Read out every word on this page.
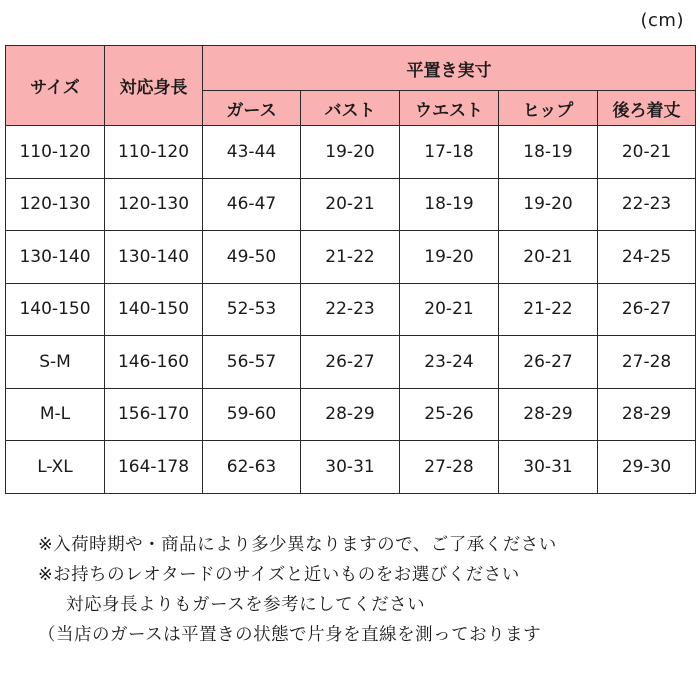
(cm)
サイズ	対応身長	平置き実寸				
		ガース	バスト	ウエスト	ヒップ	後ろ着丈
110-120	110-120	43-44	19-20	17-18	18-19	20-21
120-130	120-130	46-47	20-21	18-19	19-20	22-23
130-140	130-140	49-50	21-22	19-20	20-21	24-25
140-150	140-150	52-53	22-23	20-21	21-22	26-27
S-M	146-160	56-57	26-27	23-24	26-27	27-28
M-L	156-170	59-60	28-29	25-26	28-29	28-29
L-XL	164-178	62-63	30-31	27-28	30-31	29-30
※入荷時期や・商品により多少異なりますので、ご了承ください
※お持ちのレオタードのサイズと近いものをお選びください
対応身長よりもガースを参考にしてください
（当店のガースは平置きの状態で片身を直線を測っております
